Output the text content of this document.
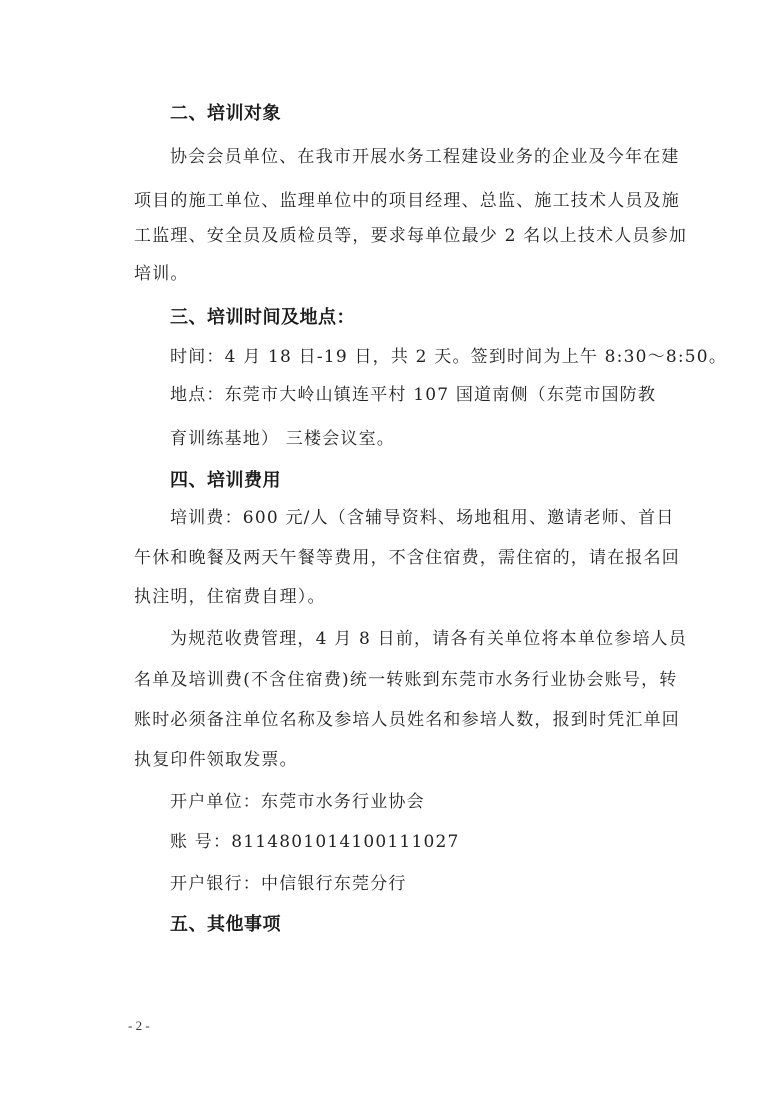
二、培训对象
协会会员单位、在我市开展水务工程建设业务的企业及今年在建
项目的施工单位、监理单位中的项目经理、总监、施工技术人员及施
工监理、安全员及质检员等，要求每单位最少 2 名以上技术人员参加
培训。
三、培训时间及地点：
时间：4 月 18 日-19 日，共 2 天。签到时间为上午 8:30～8:50。
地点：东莞市大岭山镇连平村 107 国道南侧（东莞市国防教
育训练基地） 三楼会议室。
四、培训费用
培训费：600 元/人（含辅导资料、场地租用、邀请老师、首日
午休和晚餐及两天午餐等费用，不含住宿费，需住宿的，请在报名回
执注明，住宿费自理）。
为规范收费管理，4 月 8 日前，请各有关单位将本单位参培人员
名单及培训费(不含住宿费)统一转账到东莞市水务行业协会账号，转
账时必须备注单位名称及参培人员姓名和参培人数，报到时凭汇单回
执复印件领取发票。
开户单位：东莞市水务行业协会
账 号：8114801014100111027
开户银行：中信银行东莞分行
五、其他事项
- 2 -
